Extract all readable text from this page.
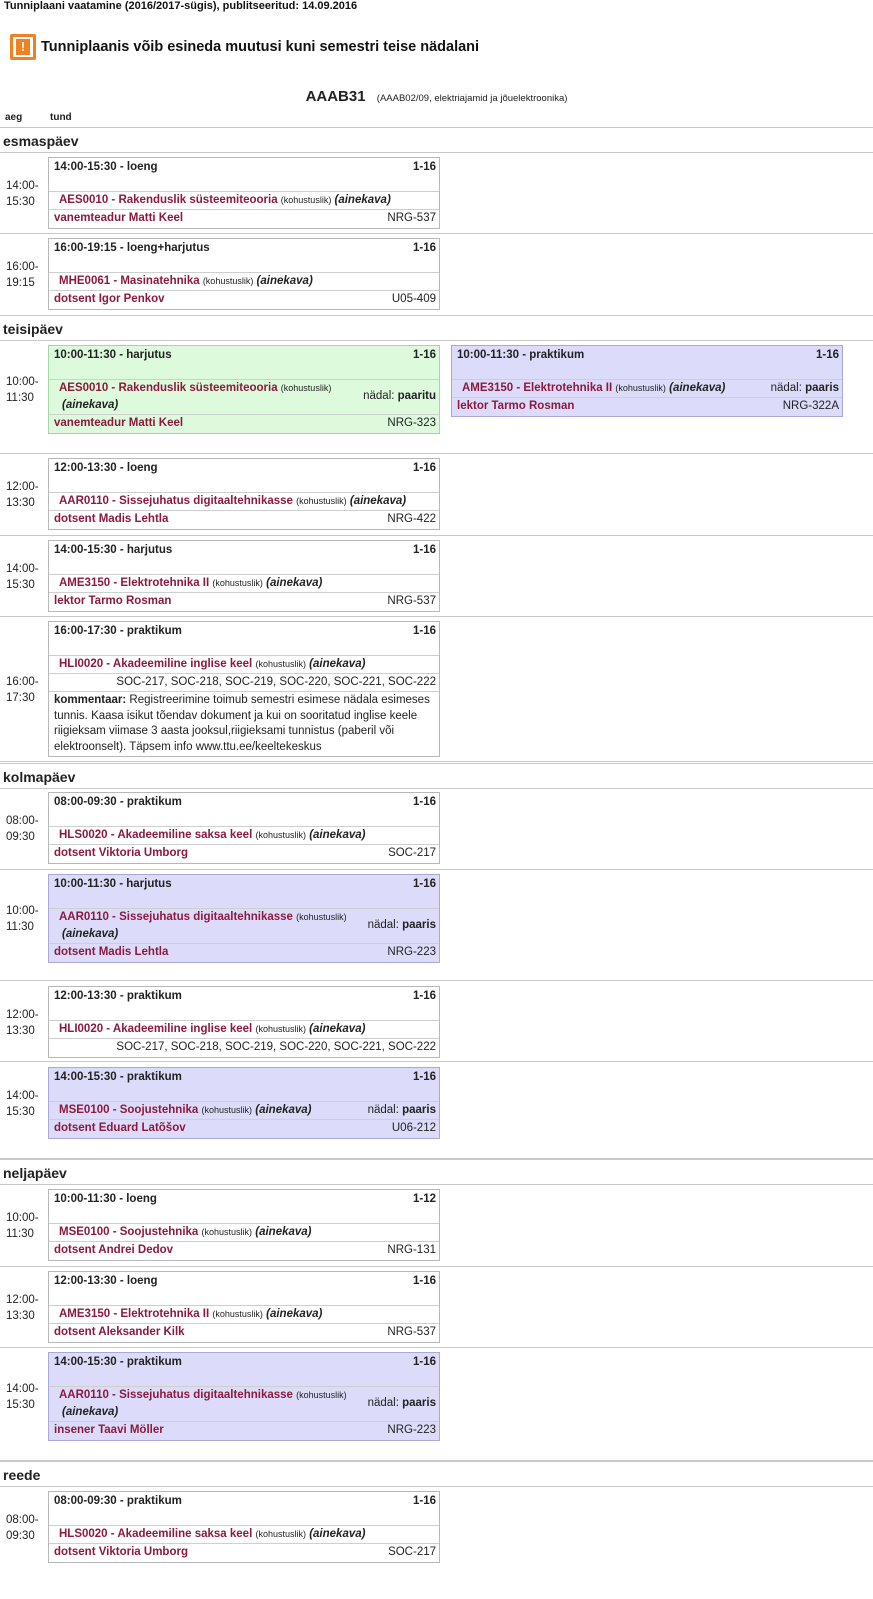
Tunniplaani vaatamine (2016/2017-sügis), publitseeritud: 14.09.2016
!	Tunniplaanis võib esineda muutusi kuni semestri teise nädalani
AAAB31 (AAAB02/09, elektriajamid ja jõuelektroonika)
aeg	tund
esmaspäev
14:00-
15:30
14:00-15:30 - loeng	1-16
AES0010 - Rakenduslik süsteemiteooria (kohustuslik) (ainekava)
vanemteadur Matti Keel	NRG-537
16:00-
19:15
16:00-19:15 - loeng+harjutus	1-16
MHE0061 - Masinatehnika (kohustuslik) (ainekava)
dotsent Igor Penkov	U05-409
teisipäev
10:00-
11:30
10:00-11:30 - harjutus	1-16
AES0010 - Rakenduslik süsteemiteooria (kohustuslik)
(ainekava)
nädal: paaritu
vanemteadur Matti Keel	NRG-323
10:00-11:30 - praktikum	1-16
AME3150 - Elektrotehnika II (kohustuslik) (ainekava)	nädal: paaris
lektor Tarmo Rosman	NRG-322A
12:00-
13:30
12:00-13:30 - loeng	1-16
AAR0110 - Sissejuhatus digitaaltehnikasse (kohustuslik) (ainekava)
dotsent Madis Lehtla	NRG-422
14:00-
15:30
14:00-15:30 - harjutus	1-16
AME3150 - Elektrotehnika II (kohustuslik) (ainekava)
lektor Tarmo Rosman	NRG-537
16:00-
17:30
16:00-17:30 - praktikum	1-16
HLI0020 - Akadeemiline inglise keel (kohustuslik) (ainekava)
SOC-217, SOC-218, SOC-219, SOC-220, SOC-221, SOC-222
kommentaar: Registreerimine toimub semestri esimese nädala esimeses tunnis. Kaasa isikut tõendav dokument ja kui on sooritatud inglise keele riigieksam viimase 3 aasta jooksul,riigieksami tunnistus (paberil või elektroonselt). Täpsem info www.ttu.ee/keeltekeskus
kolmapäev
08:00-
09:30
08:00-09:30 - praktikum	1-16
HLS0020 - Akadeemiline saksa keel (kohustuslik) (ainekava)
dotsent Viktoria Umborg	SOC-217
10:00-
11:30
10:00-11:30 - harjutus	1-16
AAR0110 - Sissejuhatus digitaaltehnikasse (kohustuslik)
(ainekava)
nädal: paaris
dotsent Madis Lehtla	NRG-223
12:00-
13:30
12:00-13:30 - praktikum	1-16
HLI0020 - Akadeemiline inglise keel (kohustuslik) (ainekava)
SOC-217, SOC-218, SOC-219, SOC-220, SOC-221, SOC-222
14:00-
15:30
14:00-15:30 - praktikum	1-16
MSE0100 - Soojustehnika (kohustuslik) (ainekava)	nädal: paaris
dotsent Eduard Latõšov	U06-212
neljapäev
10:00-
11:30
10:00-11:30 - loeng	1-12
MSE0100 - Soojustehnika (kohustuslik) (ainekava)
dotsent Andrei Dedov	NRG-131
12:00-
13:30
12:00-13:30 - loeng	1-16
AME3150 - Elektrotehnika II (kohustuslik) (ainekava)
dotsent Aleksander Kilk	NRG-537
14:00-
15:30
14:00-15:30 - praktikum	1-16
AAR0110 - Sissejuhatus digitaaltehnikasse (kohustuslik)
(ainekava)
nädal: paaris
insener Taavi Möller	NRG-223
reede
08:00-
09:30
08:00-09:30 - praktikum	1-16
HLS0020 - Akadeemiline saksa keel (kohustuslik) (ainekava)
dotsent Viktoria Umborg	SOC-217
